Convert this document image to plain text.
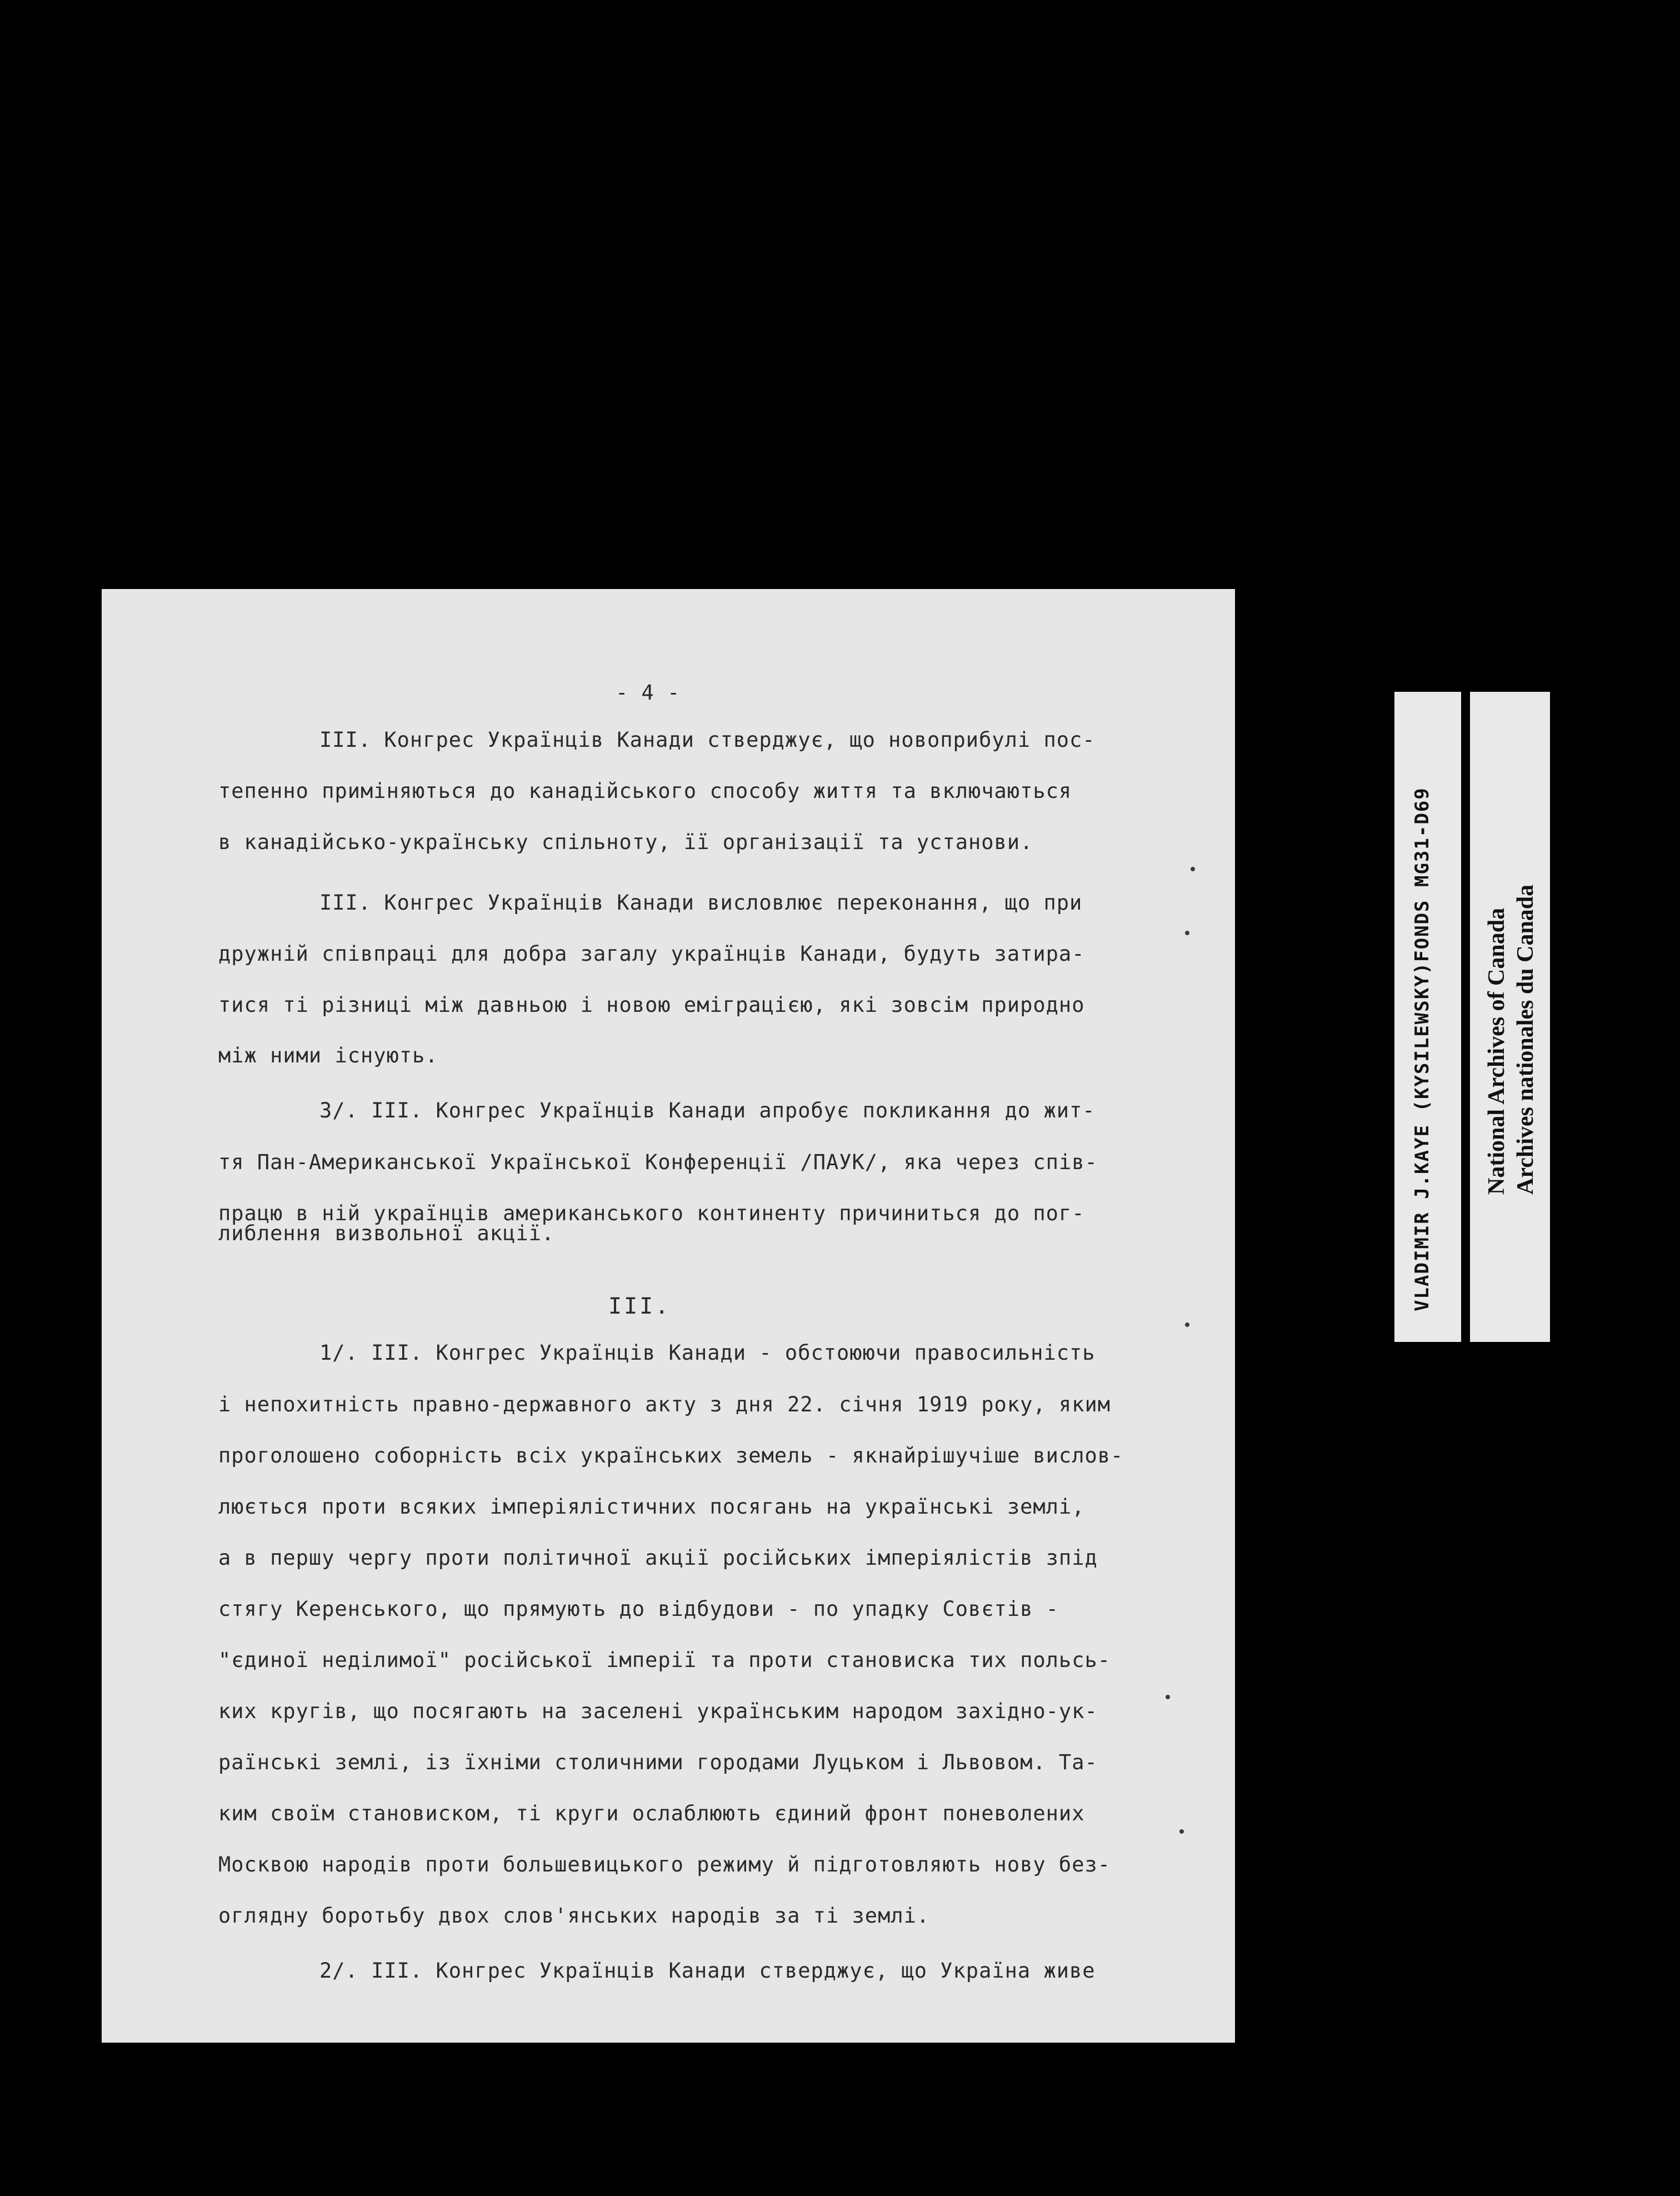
- 4 -
III. Конгрес Українців Канади стверджує, що новоприбулі пос-
тепенно приміняються до канадійського способу життя та включаються
в канадійсько-українську спільноту, її організації та установи.
III. Конгрес Українців Канади висловлює переконання, що при
дружній співпраці для добра загалу українців Канади, будуть затира-
тися ті різниці між давньою і новою еміграцією, які зовсім природно
між ними існують.
3/. III. Конгрес Українців Канади апробує покликання до жит-
тя Пан-Американської Української Конференції /ПАУК/, яка через спів-
працю в ній українців американського континенту причиниться до пог-
либлення визвольної акції.
III.
1/. III. Конгрес Українців Канади - обстоюючи правосильність
і непохитність правно-державного акту з дня 22. січня 1919 року, яким
проголошено соборність всіх українських земель - якнайрішучіше вислов-
люється проти всяких імперіялістичних посягань на українські землі,
а в першу чергу проти політичної акції російських імперіялістів зпід
стягу Керенського, що прямують до відбудови - по упадку Совєтів -
"єдиної неділимої" російської імперії та проти становиска тих польсь-
ких кругів, що посягають на заселені українським народом західно-ук-
раїнські землі, із їхніми столичними городами Луцьком і Львовом. Та-
ким своїм становиском, ті круги ослаблюють єдиний фронт поневолених
Москвою народів проти большевицького режиму й підготовляють нову без-
оглядну боротьбу двох слов'янських народів за ті землі.
2/. III. Конгрес Українців Канади стверджує, що Україна живе
VLADIMIR J.KAYE (KYSILEWSKY)FONDS MG31-D69 National Archives of Canada Archives nationales du Canada
